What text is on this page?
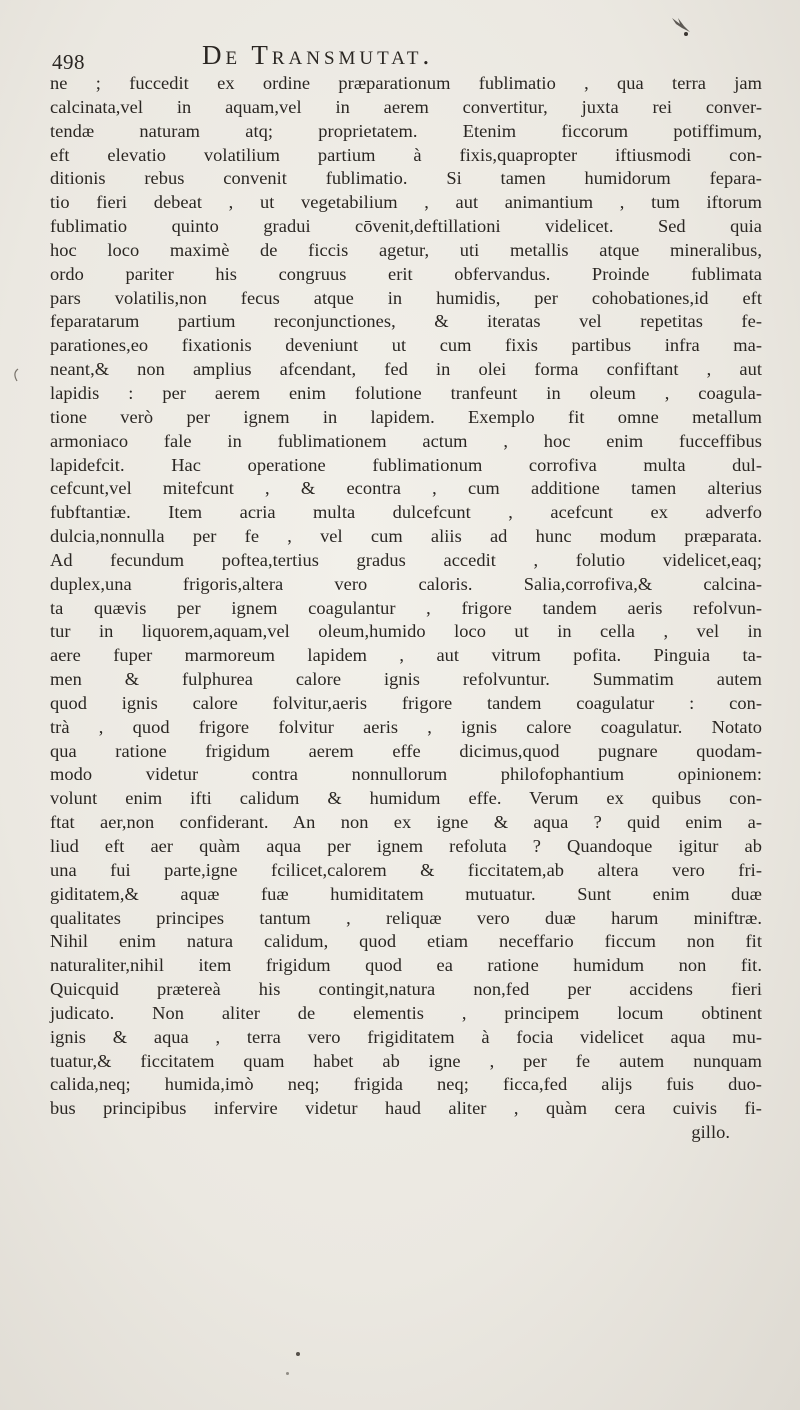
498	De Transmutat.
ne ; fuccedit ex ordine præparationum fublimatio , qua terra jam
calcinata,vel in aquam,vel in aerem convertitur, juxta rei conver-
tendæ naturam atq; proprietatem. Etenim ficcorum potiffimum,
eft elevatio volatilium partium à fixis,quapropter iftiusmodi con-
ditionis rebus convenit fublimatio. Si tamen humidorum fepara-
tio fieri debeat , ut vegetabilium , aut animantium , tum iftorum
fublimatio quinto gradui cōvenit,deftillationi videlicet. Sed quia
hoc loco maximè de ficcis agetur, uti metallis atque mineralibus,
ordo pariter his congruus erit obfervandus. Proinde fublimata
pars volatilis,non fecus atque in humidis, per cohobationes,id eft
feparatarum partium reconjunctiones, & iteratas vel repetitas fe-
parationes,eo fixationis deveniunt ut cum fixis partibus infra ma-
neant,& non amplius afcendant, fed in olei forma confiftant , aut
lapidis : per aerem enim folutione tranfeunt in oleum , coagula-
tione verò per ignem in lapidem. Exemplo fit omne metallum
armoniaco fale in fublimationem actum , hoc enim fucceffibus
lapidefcit. Hac operatione fublimationum corrofiva multa dul-
cefcunt,vel mitefcunt , & econtra , cum additione tamen alterius
fubftantiæ. Item acria multa dulcefcunt , acefcunt ex adverfo
dulcia,nonnulla per fe , vel cum aliis ad hunc modum præparata.
Ad fecundum poftea,tertius gradus accedit , folutio videlicet,eaq;
duplex,una frigoris,altera vero caloris. Salia,corrofiva,& calcina-
ta quævis per ignem coagulantur , frigore tandem aeris refolvun-
tur in liquorem,aquam,vel oleum,humido loco ut in cella , vel in
aere fuper marmoreum lapidem , aut vitrum pofita. Pinguia ta-
men & fulphurea calore ignis refolvuntur. Summatim autem
quod ignis calore folvitur,aeris frigore tandem coagulatur : con-
trà , quod frigore folvitur aeris , ignis calore coagulatur. Notato
qua ratione frigidum aerem effe dicimus,quod pugnare quodam-
modo videtur contra nonnullorum philofophantium opinionem:
volunt enim ifti calidum & humidum effe. Verum ex quibus con-
ftat aer,non confiderant. An non ex igne & aqua ? quid enim a-
liud eft aer quàm aqua per ignem refoluta ? Quandoque igitur ab
una fui parte,igne fcilicet,calorem & ficcitatem,ab altera vero fri-
giditatem,& aquæ fuæ humiditatem mutuatur. Sunt enim duæ
qualitates principes tantum , reliquæ vero duæ harum miniftræ.
Nihil enim natura calidum, quod etiam neceffario ficcum non fit
naturaliter,nihil item frigidum quod ea ratione humidum non fit.
Quicquid prætereà his contingit,natura non,fed per accidens fieri
judicato. Non aliter de elementis , principem locum obtinent
ignis & aqua , terra vero frigiditatem à focia videlicet aqua mu-
tuatur,& ficcitatem quam habet ab igne , per fe autem nunquam
calida,neq; humida,imò neq; frigida neq; ficca,fed alijs fuis duo-
bus principibus infervire videtur haud aliter , quàm cera cuivis fi-
gillo.
